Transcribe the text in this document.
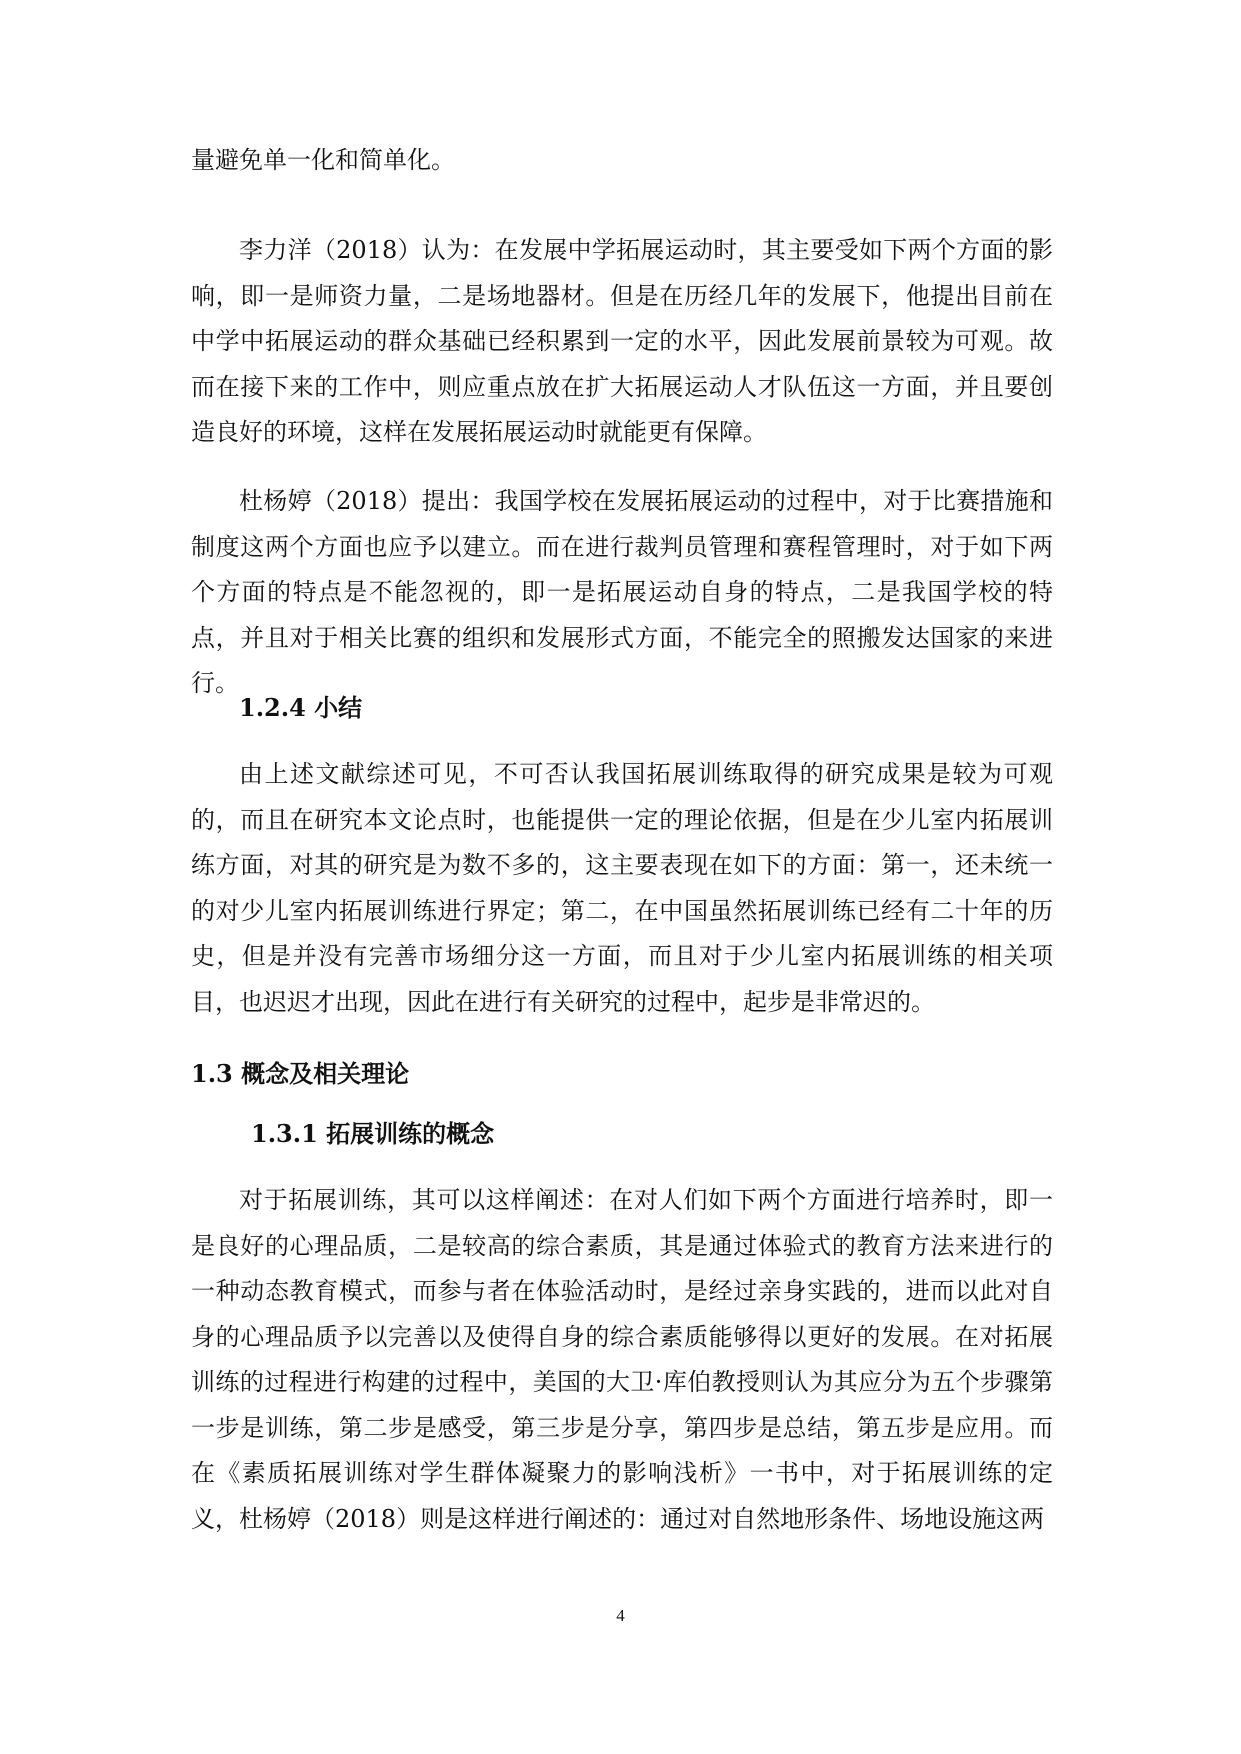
量避免单一化和简单化。

李力洋（2018）认为：在发展中学拓展运动时，其主要受如下两个方面的影响，即一是师资力量，二是场地器材。但是在历经几年的发展下，他提出目前在中学中拓展运动的群众基础已经积累到一定的水平，因此发展前景较为可观。故而在接下来的工作中，则应重点放在扩大拓展运动人才队伍这一方面，并且要创造良好的环境，这样在发展拓展运动时就能更有保障。

杜杨婷（2018）提出：我国学校在发展拓展运动的过程中，对于比赛措施和制度这两个方面也应予以建立。而在进行裁判员管理和赛程管理时，对于如下两个方面的特点是不能忽视的，即一是拓展运动自身的特点，二是我国学校的特点，并且对于相关比赛的组织和发展形式方面，不能完全的照搬发达国家的来进行。

1.2.4 小结

由上述文献综述可见，不可否认我国拓展训练取得的研究成果是较为可观的，而且在研究本文论点时，也能提供一定的理论依据，但是在少儿室内拓展训练方面，对其的研究是为数不多的，这主要表现在如下的方面：第一，还未统一的对少儿室内拓展训练进行界定；第二，在中国虽然拓展训练已经有二十年的历史，但是并没有完善市场细分这一方面，而且对于少儿室内拓展训练的相关项目，也迟迟才出现，因此在进行有关研究的过程中，起步是非常迟的。

1.3 概念及相关理论
1.3.1 拓展训练的概念

对于拓展训练，其可以这样阐述：在对人们如下两个方面进行培养时，即一是良好的心理品质，二是较高的综合素质，其是通过体验式的教育方法来进行的一种动态教育模式，而参与者在体验活动时，是经过亲身实践的，进而以此对自身的心理品质予以完善以及使得自身的综合素质能够得以更好的发展。在对拓展训练的过程进行构建的过程中，美国的大卫·库伯教授则认为其应分为五个步骤第一步是训练，第二步是感受，第三步是分享，第四步是总结，第五步是应用。而在《素质拓展训练对学生群体凝聚力的影响浅析》一书中，对于拓展训练的定义，杜杨婷（2018）则是这样进行阐述的：通过对自然地形条件、场地设施这两

4
